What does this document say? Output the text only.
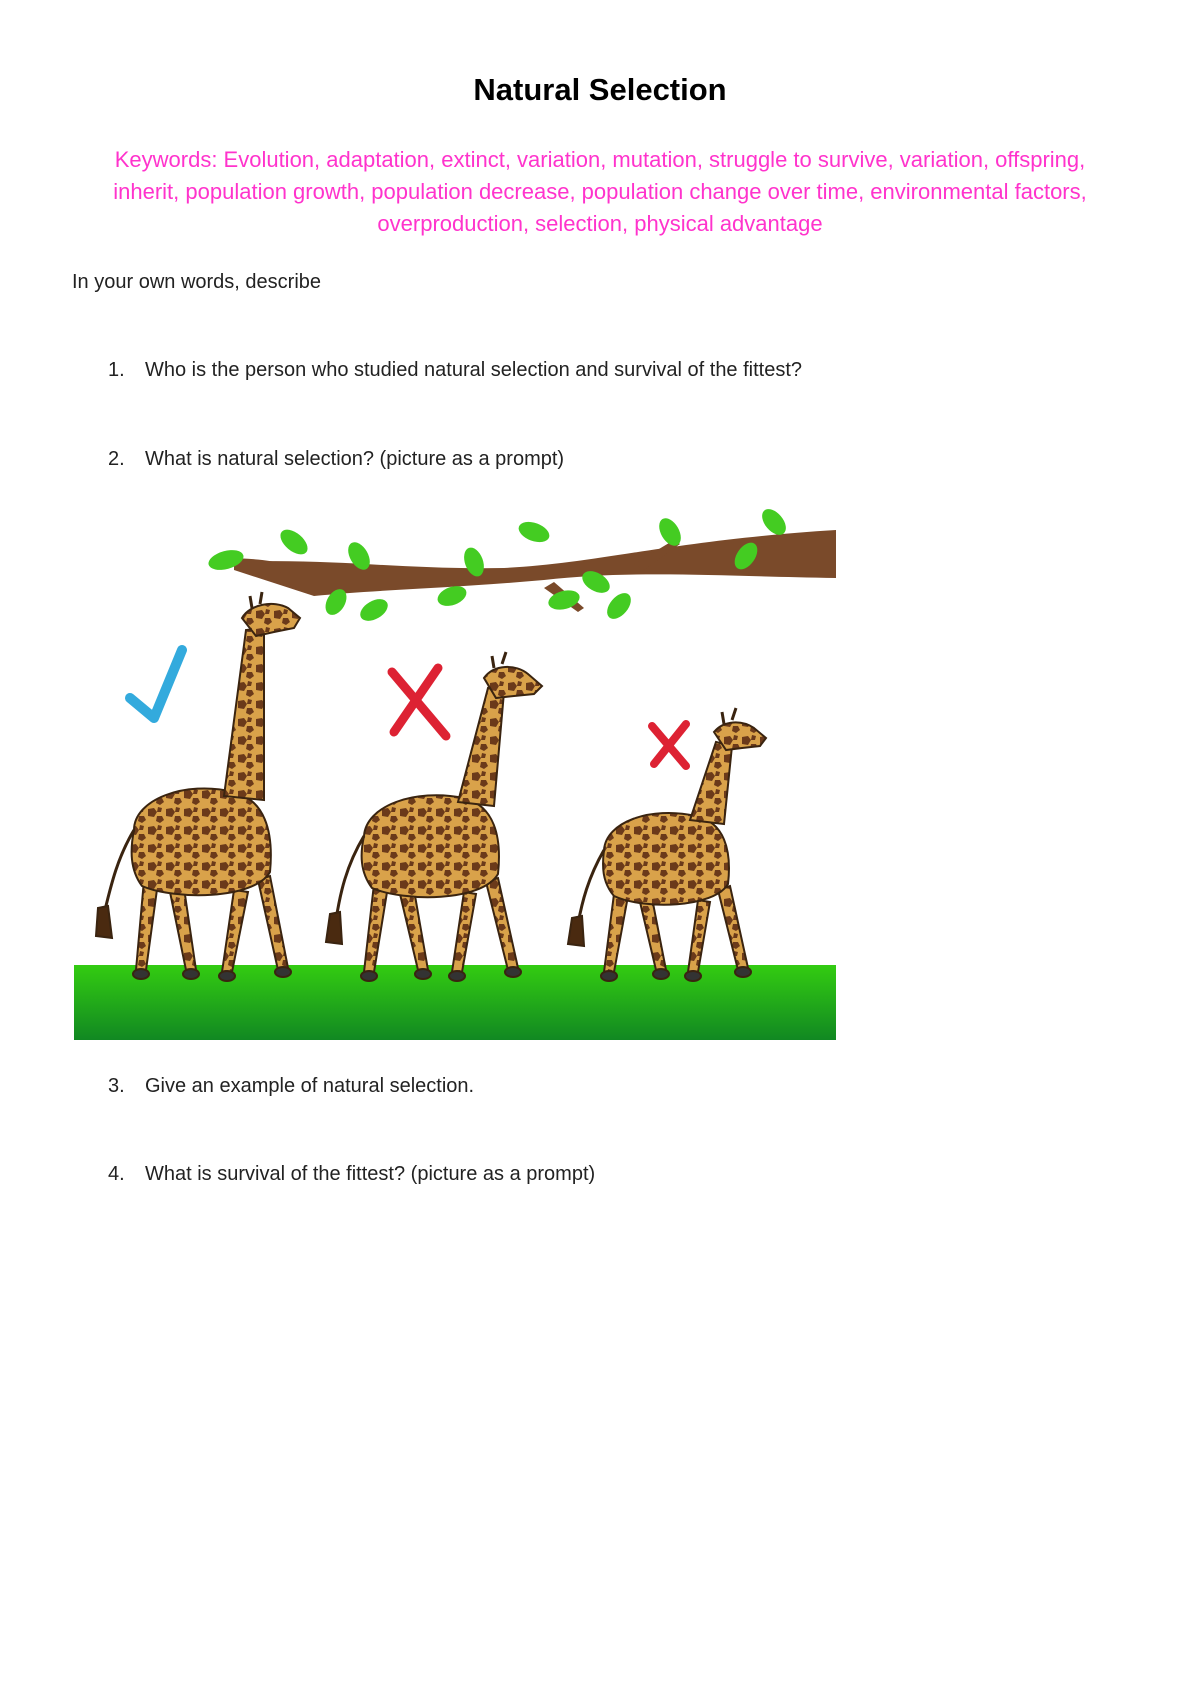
Natural Selection
Keywords: Evolution, adaptation, extinct, variation, mutation, struggle to survive, variation, offspring, inherit, population growth, population decrease, population change over time, environmental factors, overproduction, selection, physical advantage
In your own words, describe
1. Who is the person who studied natural selection and survival of the fittest?
2. What is natural selection? (picture as a prompt)
3. Give an example of natural selection.
4. What is survival of the fittest? (picture as a prompt)
